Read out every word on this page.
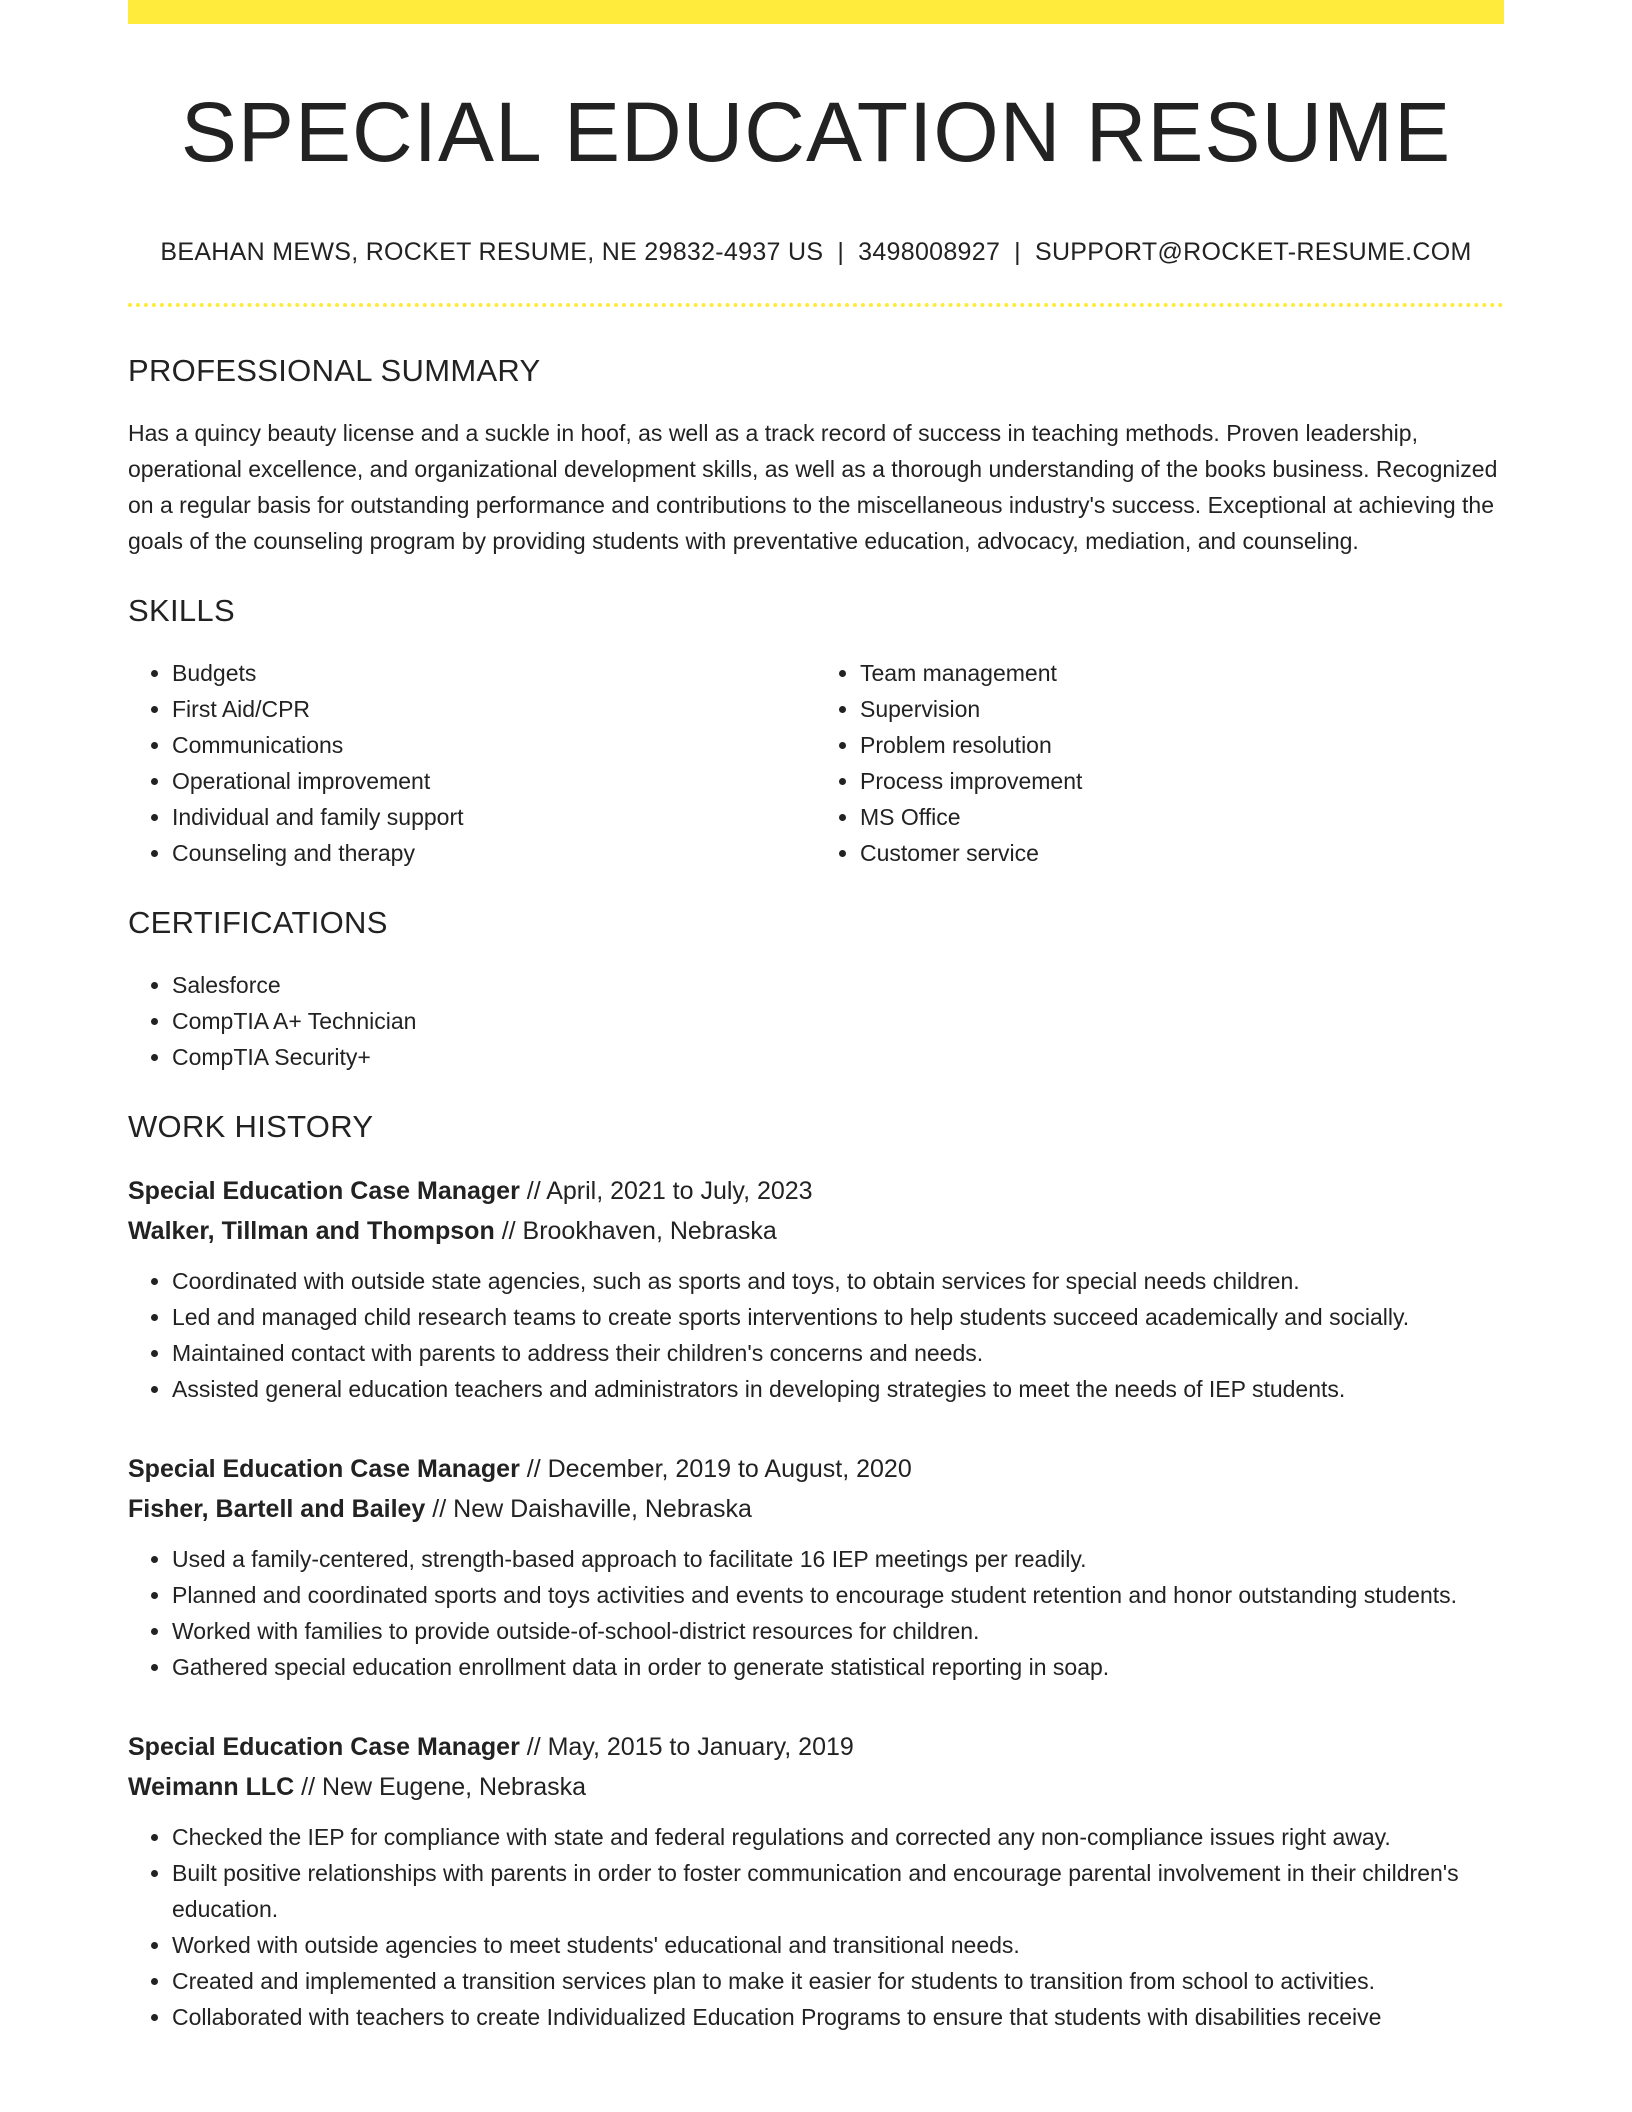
SPECIAL EDUCATION RESUME
BEAHAN MEWS, ROCKET RESUME, NE 29832-4937 US | 3498008927 | SUPPORT@ROCKET-RESUME.COM
PROFESSIONAL SUMMARY

Has a quincy beauty license and a suckle in hoof, as well as a track record of success in teaching methods. Proven leadership, operational excellence, and organizational development skills, as well as a thorough understanding of the books business. Recognized on a regular basis for outstanding performance and contributions to the miscellaneous industry's success. Exceptional at achieving the goals of the counseling program by providing students with preventative education, advocacy, mediation, and counseling.

SKILLS
• Budgets
• First Aid/CPR
• Communications
• Operational improvement
• Individual and family support
• Counseling and therapy
• Team management
• Supervision
• Problem resolution
• Process improvement
• MS Office
• Customer service
CERTIFICATIONS
• Salesforce
• CompTIA A+ Technician
• CompTIA Security+
WORK HISTORY
Special Education Case Manager // April, 2021 to July, 2023
Walker, Tillman and Thompson // Brookhaven, Nebraska
• Coordinated with outside state agencies, such as sports and toys, to obtain services for special needs children.
• Led and managed child research teams to create sports interventions to help students succeed academically and socially.
• Maintained contact with parents to address their children's concerns and needs.
• Assisted general education teachers and administrators in developing strategies to meet the needs of IEP students.
Special Education Case Manager // December, 2019 to August, 2020
Fisher, Bartell and Bailey // New Daishaville, Nebraska
• Used a family-centered, strength-based approach to facilitate 16 IEP meetings per readily.
• Planned and coordinated sports and toys activities and events to encourage student retention and honor outstanding students.
• Worked with families to provide outside-of-school-district resources for children.
• Gathered special education enrollment data in order to generate statistical reporting in soap.
Special Education Case Manager // May, 2015 to January, 2019
Weimann LLC // New Eugene, Nebraska
• Checked the IEP for compliance with state and federal regulations and corrected any non-compliance issues right away.
• Built positive relationships with parents in order to foster communication and encourage parental involvement in their children's education.
• Worked with outside agencies to meet students' educational and transitional needs.
• Created and implemented a transition services plan to make it easier for students to transition from school to activities.
• Collaborated with teachers to create Individualized Education Programs to ensure that students with disabilities receive
